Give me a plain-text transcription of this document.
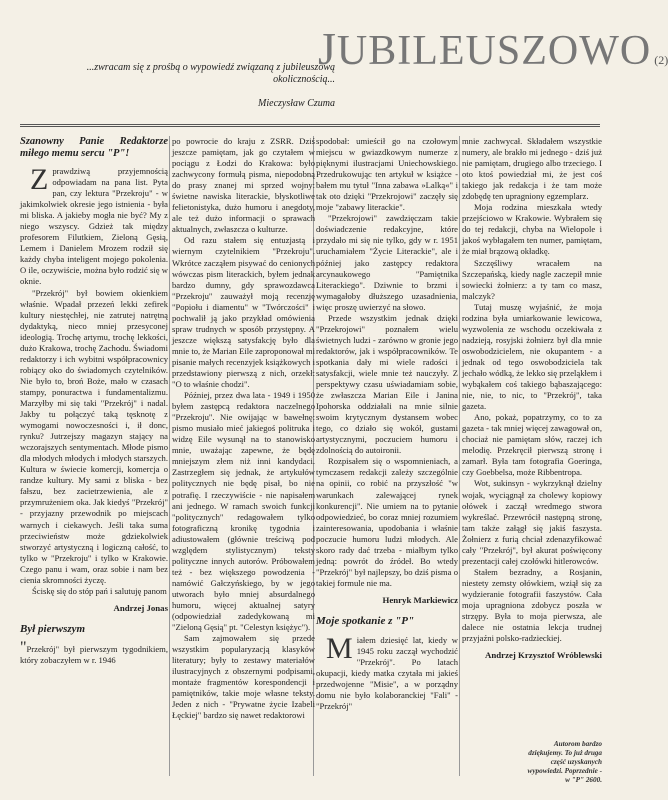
JUBILEUSZOWO (2)
...zwracam się z prośbą o wypowiedź związaną z jubileuszową okolicznością...
Mieczysław Czuma
Szanowny Panie Redaktorze miłego memu sercu "P"!

Zprawdziwą przyjemnością odpowiadam na pana list. Pyta pan, czy lektura "Przekroju" - w jakimkolwiek okresie jego istnienia - była mi bliska. A jakieby mogła nie być? My z niego wszyscy. Gdzież tak między profesorem Filutkiem, Zieloną Gęsią, Lemem i Danielem Mrozem rodził się każdy chyba inteligent mojego pokolenia. O ile, oczywiście, można było rodzić się w oknie.

"Przekrój" był bowiem okienkiem właśnie. Wpadał przezeń lekki zefirek kultury niestęchłej, nie zatrutej natrętną dydaktyką, nieco mniej przesyconej ideologią. Trochę artymu, trochę lekkości, dużo Krakowa, trochę Zachodu. Świadomi redaktorzy i ich wybitni współpracownicy robiący oko do świadomych czytelników. Nie było to, broń Boże, mało w czasach stampy, ponuractwa i fundamentalizmu. Marzyłby mi się taki "Przekrój" i nadal. Jakby tu połączyć taką tęsknotę z wymogami nowoczesności i, ił donc, rynku? Jutrzejszy magazyn stający na wczorajszych sentymentach. Młode pismo dla młodych młodych i młodych starszych. Kultura w świecie komercji, komercja o randze kultury. My sami z bliska - bez fałszu, bez zacietrzewienia, ale z przymrużeniem oka. Jak kiedyś "Przekrój" - przyjazny przewodnik po miejscach warnych i ciekawych. Jeśli taka suma przeciwieństw może gdziekolwiek stworzyć artystyczną i logiczną całość, to tylko w "Przekroju" i tylko w Krakowie. Czego panu i wam, oraz sobie i nam bez cienia skromności życzę.

Ściskę się do stóp pań i salutuję panom

Andrzej Jonas
Był pierwszym

"Przekrój" był pierwszym tygodnikiem, który zobaczyłem w r. 1946

po powrocie do kraju z ZSRR. Dziś jeszcze pamiętam, jak go czytałem w pociągu z Łodzi do Krakowa: było zachwycony formułą pisma, niepodobną do prasy znanej mi sprzed wojny: świetne nawiska literackie, błyskotliwe felietonistyka, dużo humoru i anegdoty, ale też dużo informacji o sprawach aktualnych, zwłaszcza o kulturze.

Od razu stałem się entuzjastą i wiernym czytelnikiem "Przekroju". Wkrótce zacząłem pisywać do cenionych wówczas pism literackich, byłem jednak bardzo dumny, gdy sprawozdawca "Przekroju" zauważył moją recenzję "Popiołu i diamentu" w "Twórczości" i pochwalił ją jako przykład omówienia spraw trudnych w sposób przystępny. A jeszcze większą satysfakcję było dla mnie to, że Marian Eile zaproponował mi pisanie małych recenzyjek książkowych i przedstawiony pierwszą z nich, orzekł: "O to właśnie chodzi".

Później, przez dwa lata - 1949 i 1950 byłem zastępcą redaktora naczelnego "Przekroju". Nie owijając w bawełnę: pismo musiało mieć jakiegoś politruka i widzę Eile wysunął na to stanowisko mnie, uważając zapewne, że będę mniejszym złem niż inni kandydaci. Zastrzegłem się jednak, że artykułów politycznych nie będę pisał, bo nie potrafię. I rzeczywiście - nie napisałem ani jednego. W ramach swoich funkcji "politycznych" redagowałem tylko fotograficzną kronikę tygodnia i adiustowałem (głównie treściwą pod względem stylistycznym) teksty polityczne innych autorów. Próbowałem też - bez większego powodzenia - namówić Gałczyńskiego, by w jego utworach było mniej absurdalnego humoru, więcej aktualnej satyry (odpowiedział zadedykowaną mi "Zieloną Gęsią" pt. "Celestyn księżyc").

Sam zajmowałem się przede wszystkim popularyzacją klasyków literatury; były to zestawy materiałów ilustracyjnych z obszernymi podpisami, montaże fragmentów korespondencji i pamiętników, takie moje własne teksty. Jeden z nich - "Prywatne życie Izabeli Łęckiej" bardzo się nawet redaktorowi

spodobał: umieścił go na czołowym miejscu w gwiazdkowym numerze z pięknymi ilustracjami Uniechowskiego. Przedrukowując ten artykuł w książce - bałem mu tytuł "Inna zabawa »Lalką«" i tak oto dzięki "Przekrojowi" zaczęły się moje "zabawy literackie".

"Przekrojowi" zawdzięczam takie doświadczenie redakcyjne, które przydało mi się nie tylko, gdy w r. 1951 uruchamiałem "Życie Literackie", ale i później jako zastępcy redaktora arcynaukowego "Pamiętnika Literackiego". Dziwnie to brzmi i wymagałoby dłuższego uzasadnienia, więc proszę uwierzyć na słowo.

Przede wszystkim jednak dzięki "Przekrojowi" poznałem wielu świetnych ludzi - zarówno w gronie jego redaktorów, jak i współpracowników. Te spotkania dały mi wiele radości i satysfakcji, wiele mnie też nauczyły. Z perspektywy czasu uświadamiam sobie, że zwłaszcza Marian Eile i Janina Ipohorska oddziałali na mnie silnie swoim krytycznym dystansem wobec tego, co działo się wokół, gustami artystycznymi, poczuciem humoru i zdolnością do autoironii.

Rozpisałem się o wspomnieniach, a tymczasem redakcji zależy szczególnie na opinii, co robić na przyszłość "w warunkach zalewającej rynek konkurencji". Nie umiem na to pytanie odpowiedzieć, bo coraz mniej rozumiem zainteresowania, upodobania i właśnie poczucie humoru ludzi młodych. Ale skoro rady dać trzeba - miałbym tylko jedną: powrót do źródeł. Bo wtedy "Przekrój" był najlepszy, bo dziś pisma o takiej formule nie ma.

Henryk Markiewicz
Moje spotkanie z "P"

Miałem dziesięć lat, kiedy w 1945 roku zaczął wychodzić "Przekrój". Po latach okupacji, kiedy matka czytała mi jakieś przedwojenne "Misie", a w porządny domu nie było kolaboranckiej "Fali" - "Przekrój"

mnie zachwycał. Składałem wszystkie numery, ale brakło mi jednego - dziś już nie pamiętam, drugiego albo trzeciego. I oto ktoś powiedział mi, że jest coś takiego jak redakcja i że tam może zdobędę ten upragniony egzemplarz.

Moja rodzina mieszkała wtedy przejściowo w Krakowie. Wybrałem się do tej redakcji, chyba na Wielopole i jakoś wybłagałem ten numer, pamiętam, że miał brązową okładkę.

Szczęśliwy wracałem na Szczepańską, kiedy nagle zaczepił mnie sowiecki żołnierz: a ty tam co masz, malczyk?

Tutaj muszę wyjaśnić, że moja rodzina była umiarkowanie lewicowa, wyzwolenia ze wschodu oczekiwała z nadzieją, rosyjski żołnierz był dla mnie oswobodzicielem, nie okupantem - a jednak od tego oswobodziciela tak jechało wódką, że lekko się przeląkłem i wybąkałem coś takiego bąbaszającego: nie, nie, to nic, to "Przekrój", taka gazeta.

Ano, pokaż, popatrzymy, co to za gazeta - tak mniej więcej zawagował on, chociaż nie pamiętam słów, raczej ich melodię. Przekręcił pierwszą stronę i zamarł. Była tam fotografia Goeringa, czy Goebbelsa, może Ribbentropa.

Wot, sukinsyn - wykrzyknął dzielny wojak, wyciągnął za cholewy kopiowy ołówek i zaczął wredmego stwora wykreślać. Przewrócił następną stronę, tam także załągł się jakiś faszysta. Żołnierz z furią chciał zdenazyfikować cały "Przekrój", był akurat poświęcony prezentacji całej czołówki hitlerowców.

Stałem bezradny, a Rosjanin, niestety zemsty ołówkiem, wziął się za wydzieranie fotografii faszystów. Cała moja upragniona zdobycz poszła w strzępy. Była to moja pierwsza, ale dalece nie ostatnia lekcja trudnej przyjaźni polsko-radzieckiej.

Andrzej Krzysztof Wróblewski
Autorom bardzo dziękujemy. To już druga część uzyskanych wypowiedzi. Poprzednie - w "P" 2600.
